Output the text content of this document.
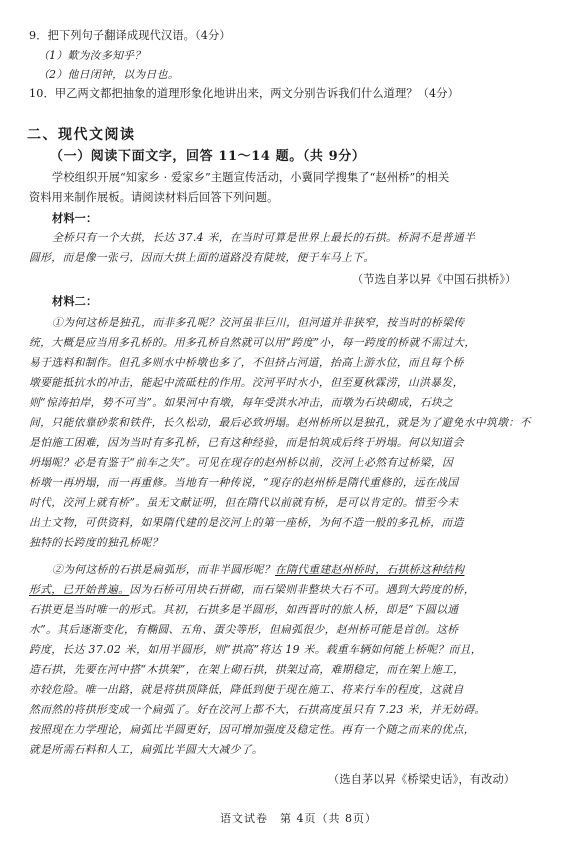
9．把下列句子翻译成现代汉语。（4分）
（1）歎为汝多知乎？
（2）他日闭钟，以为日也。
10．甲乙两文都把抽象的道理形象化地讲出来，两文分别告诉我们什么道理？（4分）
二、现代文阅读
（一）阅读下面文字，回答 11～14 题。（共 9分）
学校组织开展“知家乡 · 爱家乡”主题宣传活动，小冀同学搜集了“赵州桥”的相关
资料用来制作展板。请阅读材料后回答下列问题。
材料一：
全桥只有一个大拱，长达 37.4 米，在当时可算是世界上最长的石拱。桥洞不是普通半
圆形，而是像一张弓，因而大拱上面的道路没有陡坡，便于车马上下。
（节选自茅以昇《中国石拱桥》）
材料二：
①为何这桥是独孔，而非多孔呢？洨河虽非巨川，但河道并非狭窄，按当时的桥梁传
统，大概是应当用多孔桥的。用多孔桥自然就可以用“跨度”小，每一跨度的桥就不需过大，
易于选料和制作。但孔多则水中桥墩也多了，不但挤占河道，抬高上游水位，而且每个桥
墩要能抵抗水的冲击，能起中流砥柱的作用。洨河平时水小，但至夏秋霖涝，山洪暴发，
则“惊涛拍岸，势不可当”。如果河中有墩，每年受洪水冲击，而墩为石块砌成，石块之
间，只能依靠砂浆和铁件，长久松动，最后必致坍塌。赵州桥所以是独孔，就是为了避免水中筑墩：不
是怕施工困难，因为当时有多孔桥，已有这种经验，而是怕筑成后终于坍塌。何以知道会
坍塌呢？必是有鉴于“前车之失”。可见在现存的赵州桥以前，洨河上必然有过桥梁，因
桥墩一再坍塌，而一再重修。当地有一种传说，“现存的赵州桥是隋代重修的，远在战国
时代，洨河上就有桥”。虽无文献证明，但在隋代以前就有桥，是可以肯定的。惜至今未
出土文物，可供资料，如果隋代建的是洨河上的第一座桥，为何不造一般的多孔桥，而造
独特的长跨度的独孔桥呢？
②为何这桥的石拱是扁弧形，而非半圆形呢？在隋代重建赵州桥时，石拱桥这种结构
形式，已开始普遍。因为石桥可用块石拼砌，而石梁则非整块大石不可。遇到大跨度的桥，
石拱更是当时唯一的形式。其初，石拱多是半圆形，如西晋时的旅人桥，即是“下圆以通
水”。其后逐渐变化，有椭圆、五角、蛋尖等形，但扁弧很少，赵州桥可能是首创。这桥
跨度，长达 37.02 米，如用半圆形，则“拱高”将达 19 米。载重车辆如何能上桥呢？而且，
造石拱，先要在河中搭“木拱架”，在架上砌石拱，拱架过高，难期稳定，而在架上施工，
亦较危险。唯一出路，就是将拱顶降低，降低到便于现在施工、将来行车的程度，这就自
然而然的将拱形变成一个扁弧了。好在洨河上都不大，石拱高度虽只有 7.23 米，并无妨碍。
按照现在力学理论，扁弧比半圆更好，因可增加强度及稳定性。再有一个随之而来的优点，
就是所需石料和人工，扁弧比半圆大大减少了。
（选自茅以昇《桥梁史话》，有改动）
语文试卷　第 4页（共 8页）
